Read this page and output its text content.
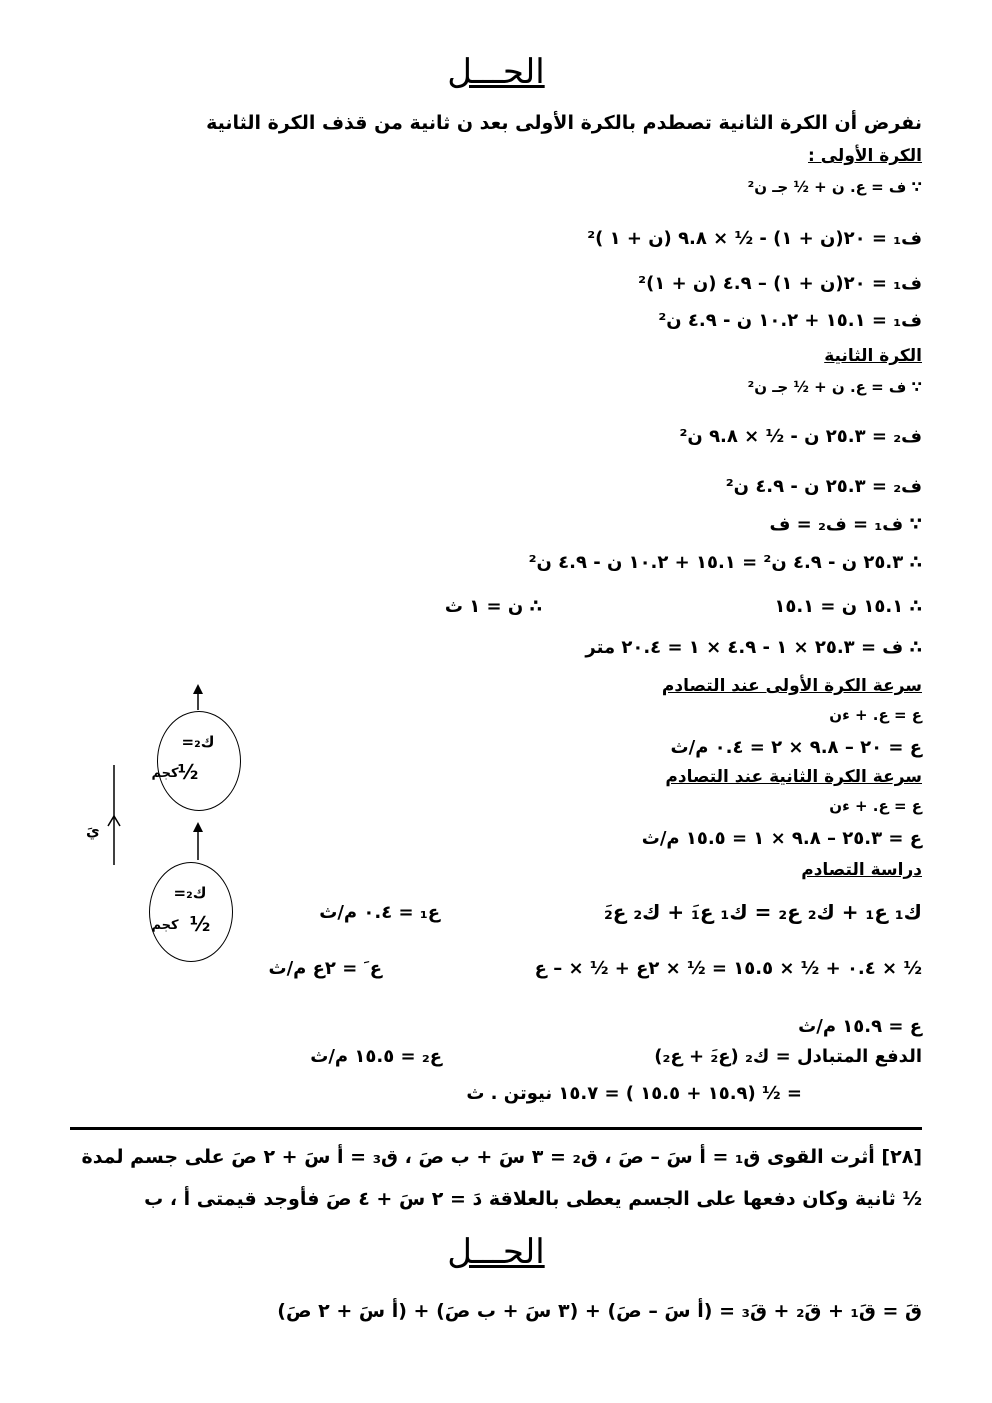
الحـــل
نفرض أن الكرة الثانية تصطدم بالكرة الأولى بعد ن ثانية من قذف الكرة الثانية
الكرة الأولى :
∵ ف = ع. ن + ½ جـ ن²
ف₁ = ٢٠(ن + ١) - ½ × ٩.٨ (ن + ١ )²
ف₁ = ٢٠(ن + ١) – ٤.٩ (ن + ١)²
ف₁ = ١٥.١ + ١٠.٢ ن - ٤.٩ ن²
الكرة الثانية
∵ ف = ع. ن + ½ جـ ن²
ف₂ = ٢٥.٣ ن - ½ × ٩.٨ ن²
ف₂ = ٢٥.٣ ن - ٤.٩ ن²
∵ ف₁ = ف₂ = ف
∴ ٢٥.٣ ن - ٤.٩ ن² = ١٥.١ + ١٠.٢ ن - ٤.٩ ن²
∴ ١٥.١ ن = ١٥.١
∴ ن = ١ ث
∴ ف = ٢٥.٣ × ١ - ٤.٩ × ١ = ٢٠.٤ متر
سرعة الكرة الأولى عند التصادم
ع = ع. + ءن
ع = ٢٠ – ٩.٨ × ٢ = ٠.٤ م/ث
سرعة الكرة الثانية عند التصادم
ع = ع. + ءن
ع = ٢٥.٣ – ٩.٨ × ١ = ١٥.٥ م/ث
دراسة التصادم
ك₁ ع₁ + ك₂ ع₂ = ك₁ ع₁َ + ك₂ ع₂َ
ع₁ = ٠.٤ م/ث
½ × ٠.٤ + ½ × ١٥.٥ = ½ × ٢ع + ½ × – ع
ع َ = ٢ع م/ث
ع = ١٥.٩ م/ث
الدفع المتبادل = ك₂ (ع₂َ + ع₂)
ع₂ = ١٥.٥ م/ث
= ½ (١٥.٩ + ١٥.٥ ) = ١٥.٧ نيوتن . ث
ك₂=
½
كجم
ك₂=
½
كجم
يَ
[٢٨] أثرت القوى ق₁ = أ سَ – صَ ، ق₂ = ٣ سَ + ب صَ ، ق₃ = أ سَ + ٢ صَ على جسم لمدة
½ ثانية وكان دفعها على الجسم يعطى بالعلاقة دَ = ٢ سَ + ٤ صَ فأوجد قيمتى أ ، ب
الحـــل
قَ = قَ₁ + قَ₂ + قَ₃ = (أ سَ – صَ) + (٣ سَ + ب صَ) + (أ سَ + ٢ صَ)
